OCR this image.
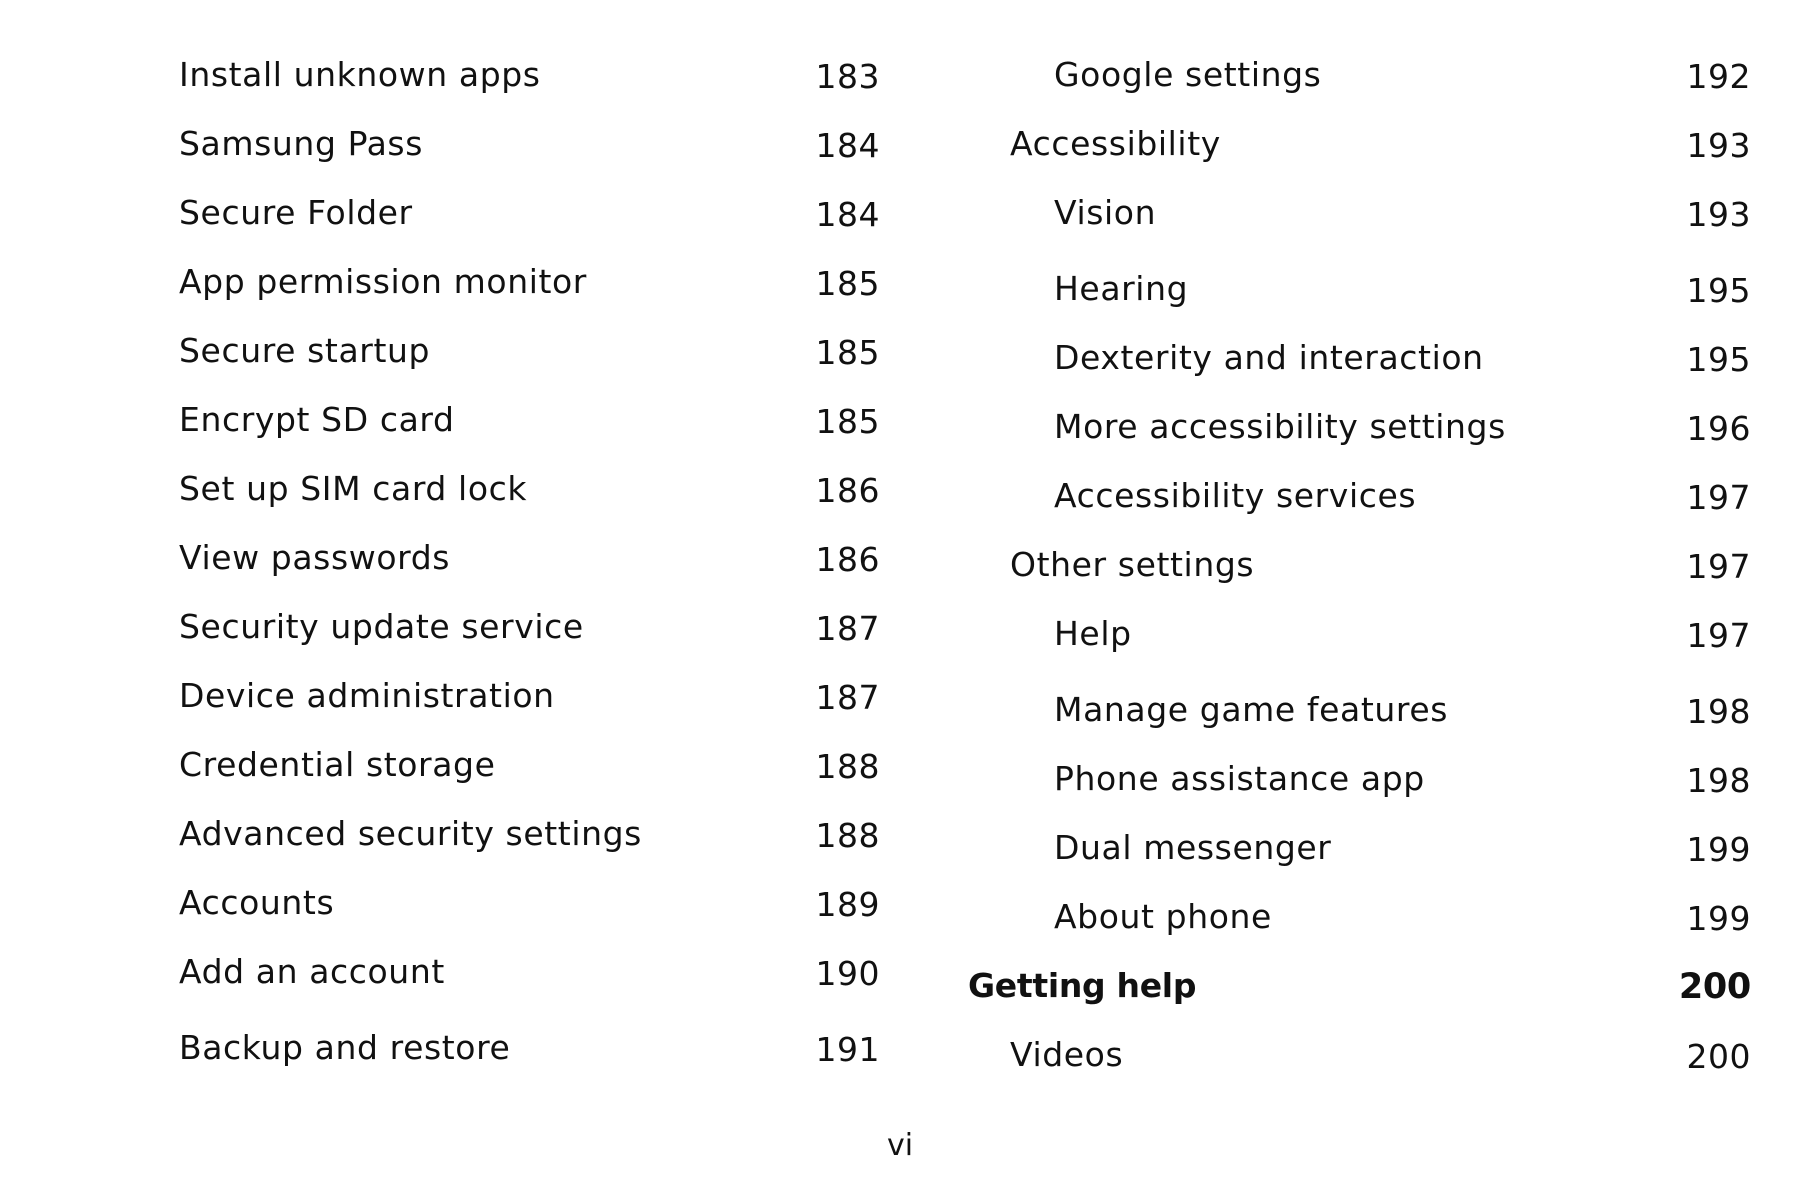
Install unknown apps	183
Samsung Pass	184
Secure Folder	184
App permission monitor	185
Secure startup	185
Encrypt SD card	185
Set up SIM card lock	186
View passwords	186
Security update service	187
Device administration	187
Credential storage	188
Advanced security settings	188
Accounts	189
Add an account	190
Backup and restore	191
Google settings	192
Accessibility	193
Vision	193
Hearing	195
Dexterity and interaction	195
More accessibility settings	196
Accessibility services	197
Other settings	197
Help	197
Manage game features	198
Phone assistance app	198
Dual messenger	199
About phone	199
Getting help	200
Videos	200
vi
